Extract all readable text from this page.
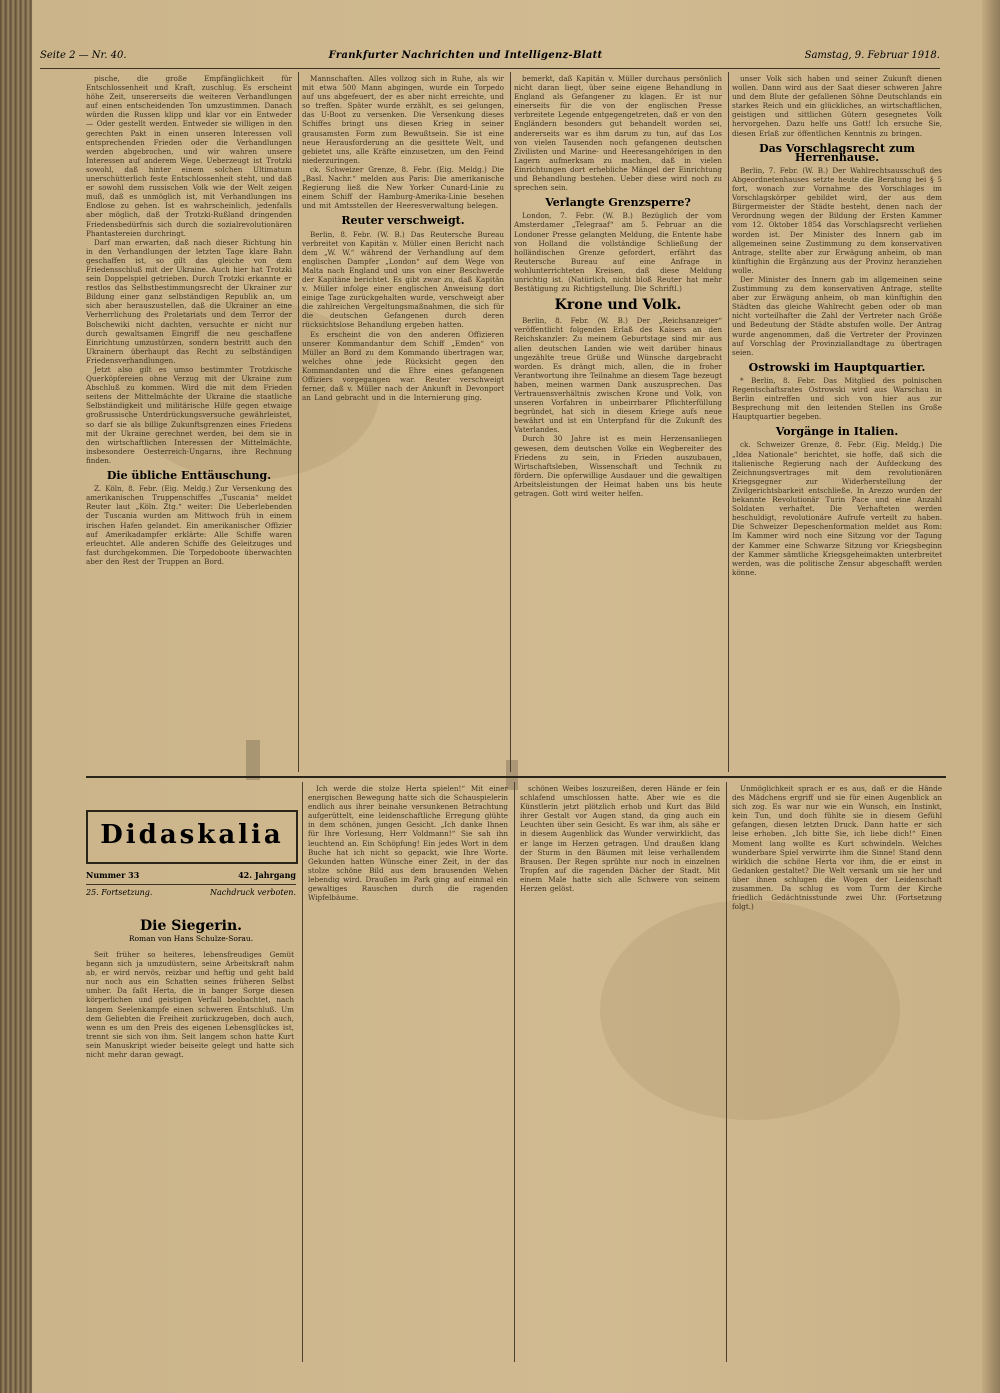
Seite 2 — Nr. 40.	Frankfurter Nachrichten und Intelligenz-Blatt	Samstag, 9. Februar 1918.

pische, die große Empfänglichkeit für Entschlossenheit und Kraft, zuschlug. Es erscheint höhe Zeit, unsererseits die weiteren Verhandlungen auf einen entscheidenden Ton umzustimmen. Danach würden die Russen klipp und klar vor ein Entweder — Oder gestellt werden. Entweder sie willigen in den gerechten Pakt in einen unseren Interessen voll entsprechenden Frieden oder die Verhandlungen werden abgebrochen, und wir wahren unsere Interessen auf anderem Wege. Ueberzeugt ist Trotzki sowohl, daß hinter einem solchen Ultimatum unerschütterlich feste Entschlossenheit steht, und daß er sowohl dem russischen Volk wie der Welt zeigen muß, daß es unmöglich ist, mit Verhandlungen ins Endlose zu gehen. Ist es wahrscheinlich, jedenfalls aber möglich, daß der Trotzki-Rußland dringenden Friedensbedürfnis sich durch die sozialrevolutionären Phantastereien durchringt.

Darf man erwarten, daß nach dieser Richtung hin in den Verhandlungen der letzten Tage klare Bahn geschaffen ist, so gilt das gleiche von dem Friedensschluß mit der Ukraine. Auch hier hat Trotzki sein Doppelspiel getrieben. Durch Trotzki erkannte er restlos das Selbstbestimmungsrecht der Ukrainer zur Bildung einer ganz selbständigen Republik an, um sich aber herauszustellen, daß die Ukrainer an eine Verherrlichung des Proletariats und dem Terror der Bolschewiki nicht dachten, versuchte er nicht nur durch gewaltsamen Eingriff die neu geschaffene Einrichtung umzustürzen, sondern bestritt auch den Ukrainern überhaupt das Recht zu selbständigen Friedensverhandlungen.

Jetzt also gilt es umso bestimmter Trotzkische Querköpfereien ohne Verzug mit der Ukraine zum Abschluß zu kommen. Wird die mit dem Frieden seitens der Mittelmächte der Ukraine die staatliche Selbständigkeit und militärische Hilfe gegen etwaige großrussische Unterdrückungsversuche gewährleistet, so darf sie als billige Zukunftsgrenzen eines Friedens mit der Ukraine gerechnet werden, bei dem sie in den wirtschaftlichen Interessen der Mittelmächte, insbesondere Oesterreich-Ungarns, ihre Rechnung finden.

Die übliche Enttäuschung.

Z. Köln, 8. Febr. (Eig. Meldg.) Zur Versenkung des amerikanischen Truppenschiffes „Tuscania“ meldet Reuter laut „Köln. Ztg.“ weiter: Die Ueberlebenden der Tuscania wurden am Mittwoch früh in einem irischen Hafen gelandet. Ein amerikanischer Offizier auf Amerikadampfer erklärte: Alle Schiffe waren erleuchtet. Alle anderen Schiffe des Geleitzuges und fast durchgekommen. Die Torpedoboote überwachten aber den Rest der Truppen an Bord.

Mannschaften. Alles vollzog sich in Ruhe, als wir mit etwa 500 Mann abgingen, wurde ein Torpedo auf uns abgefeuert, der es aber nicht erreichte, und so treffen. Später wurde erzählt, es sei gelungen, das U-Boot zu versenken. Die Versenkung dieses Schiffes bringt uns diesen Krieg in seiner grausamsten Form zum Bewußtsein. Sie ist eine neue Herausforderung an die gesittete Welt, und gebietet uns, alle Kräfte einzusetzen, um den Feind niederzuringen.

ck. Schweizer Grenze, 8. Febr. (Eig. Meldg.) Die „Basl. Nachr.“ melden aus Paris: Die amerikanische Regierung ließ die New Yorker Cunard-Linie zu einem Schiff der Hamburg-Amerika-Linie besehen und mit Amtsstellen der Heeresverwaltung belegen.

Reuter verschweigt.

Berlin, 8. Febr. (W. B.) Das Reutersche Bureau verbreitet von Kapitän v. Müller einen Bericht nach dem „W. W.“ während der Verhandlung auf dem englischen Dampfer „London“ auf dem Wege von Malta nach England und uns von einer Beschwerde der Kapitäne berichtet. Es gibt zwar zu, daß Kapitän v. Müller infolge einer englischen Anweisung dort einige Tage zurückgehalten wurde, verschweigt aber die zahlreichen Vergeltungsmaßnahmen, die sich für die deutschen Gefangenen durch deren rücksichtslose Behandlung ergeben hatten.

Es erscheint die von den anderen Offizieren unserer Kommandantur dem Schiff „Emden“ von Müller an Bord zu dem Kommando übertragen war, welches ohne jede Rücksicht gegen den Kommandanten und die Ehre eines gefangenen Offiziers vorgegangen war. Reuter verschweigt ferner, daß v. Müller nach der Ankunft in Devonport an Land gebracht und in die Internierung ging.

bemerkt, daß Kapitän v. Müller durchaus persönlich nicht daran liegt, über seine eigene Behandlung in England als Gefangener zu klagen. Er ist nur einerseits für die von der englischen Presse verbreitete Legende entgegengetreten, daß er von den Engländern besonders gut behandelt worden sei, andererseits war es ihm darum zu tun, auf das Los von vielen Tausenden noch gefangenen deutschen Zivilisten und Marine- und Heeresangehörigen in den Lagern aufmerksam zu machen, daß in vielen Einrichtungen dort erhebliche Mängel der Einrichtung und Behandlung bestehen. Ueber diese wird noch zu sprechen sein.

Verlangte Grenzsperre?

London, 7. Febr. (W. B.) Bezüglich der vom Amsterdamer „Telegraaf“ am 5. Februar an die Londoner Presse gelangten Meldung, die Entente habe von Holland die vollständige Schließung der holländischen Grenze gefordert, erfährt das Reutersche Bureau auf eine Anfrage in wohlunterrichteten Kreisen, daß diese Meldung unrichtig ist. (Natürlich, nicht bloß Reuter hat mehr Bestätigung zu Richtigstellung. Die Schriftl.)

Krone und Volk.

Berlin, 8. Febr. (W. B.) Der „Reichsanzeiger“ veröffentlicht folgenden Erlaß des Kaisers an den Reichskanzler: Zu meinem Geburtstage sind mir aus allen deutschen Landen wie weit darüber hinaus ungezählte treue Grüße und Wünsche dargebracht worden. Es drängt mich, allen, die in froher Verantwortung ihre Teilnahme an diesem Tage bezeugt haben, meinen warmen Dank auszusprechen. Das Vertrauensverhältnis zwischen Krone und Volk, von unseren Vorfahren in unbeirrbarer Pflichterfüllung begründet, hat sich in diesem Kriege aufs neue bewährt und ist ein Unterpfand für die Zukunft des Vaterlandes.

Durch 30 Jahre ist es mein Herzensanliegen gewesen, dem deutschen Volke ein Wegbereiter des Friedens zu sein, in Frieden auszubauen, Wirtschaftsleben, Wissenschaft und Technik zu fördern. Die opferwillige Ausdauer und die gewaltigen Arbeitsleistungen der Heimat haben uns bis heute getragen. Gott wird weiter helfen.

unser Volk sich haben und seiner Zukunft dienen wollen. Dann wird aus der Saat dieser schweren Jahre und dem Blute der gefallenen Söhne Deutschlands ein starkes Reich und ein glückliches, an wirtschaftlichen, geistigen und sittlichen Gütern gesegnetes Volk hervorgehen. Dazu helfe uns Gott! Ich ersuche Sie, diesen Erlaß zur öffentlichen Kenntnis zu bringen.

Das Vorschlagsrecht zum Herrenhause.

Berlin, 7. Febr. (W. B.) Der Wahlrechtsausschuß des Abgeordnetenhauses setzte heute die Beratung bei § 5 fort, wonach zur Vornahme des Vorschlages im Vorschlagskörper gebildet wird, der aus dem Bürgermeister der Städte besteht, denen nach der Verordnung wegen der Bildung der Ersten Kammer vom 12. Oktober 1854 das Vorschlagsrecht verliehen worden ist. Der Minister des Innern gab im allgemeinen seine Zustimmung zu dem konservativen Antrage, stellte aber zur Erwägung anheim, ob man künftighin die Ergänzung aus der Provinz heranziehen wolle.

Der Minister des Innern gab im allgemeinen seine Zustimmung zu dem konservativen Antrage, stellte aber zur Erwägung anheim, ob man künftighin den Städten das gleiche Wahlrecht geben oder ob man nicht vorteilhafter die Zahl der Vertreter nach Größe und Bedeutung der Städte abstufen wolle. Der Antrag wurde angenommen, daß die Vertreter der Provinzen auf Vorschlag der Provinziallandtage zu übertragen seien.

Ostrowski im Hauptquartier.

* Berlin, 8. Febr. Das Mitglied des polnischen Regentschaftsrates Ostrowski wird aus Warschau in Berlin eintreffen und sich von hier aus zur Besprechung mit den leitenden Stellen ins Große Hauptquartier begeben.

Vorgänge in Italien.

ck. Schweizer Grenze, 8. Febr. (Eig. Meldg.) Die „Idea Nationale“ berichtet, sie hoffe, daß sich die italienische Regierung nach der Aufdeckung des Zeichnungsvertrages mit dem revolutionären Kriegsgegner zur Widerherstellung der Zivilgerichtsbarkeit entschließe. In Arezzo wurden der bekannte Revolutionär Turin Pace und eine Anzahl Soldaten verhaftet. Die Verhafteten werden beschuldigt, revolutionäre Aufrufe verteilt zu haben. Die Schweizer Depeschenformation meldet aus Rom: Im Kammer wird noch eine Sitzung vor der Tagung der Kammer eine Schwarze Sitzung vor Kriegsbeginn der Kammer sämtliche Kriegsgeheimakten unterbreitet werden, was die politische Zensur abgeschafft werden könne.

Didaskalia
Nummer 33	42. Jahrgang
25. Fortsetzung.	Nachdruck verboten.
Die Siegerin.
Roman von Hans Schulze-Sorau.

Seit früher so heiteres, lebensfreudiges Gemüt begann sich ja umzudüstern, seine Arbeitskraft nahm ab, er wird nervös, reizbar und heftig und geht bald nur noch aus ein Schatten seines früheren Selbst umher. Da faßt Herta, die in banger Sorge diesen körperlichen und geistigen Verfall beobachtet, nach langem Seelenkampfe einen schweren Entschluß. Um dem Geliebten die Freiheit zurückzugeben, doch auch, wenn es um den Preis des eigenen Lebensglückes ist, trennt sie sich von ihm. Seit langem schon hatte Kurt sein Manuskript wieder beiseite gelegt und hatte sich nicht mehr daran gewagt.

Ich werde die stolze Herta spielen!“ Mit einer energischen Bewegung hatte sich die Schauspielerin endlich aus ihrer beinahe versunkenen Betrachtung aufgerüttelt, eine leidenschaftliche Erregung glühte in dem schönen, jungen Gesicht. „Ich danke Ihnen für Ihre Vorlesung, Herr Voldmann!“ Sie sah ihn leuchtend an. Ein Schöpfung! Ein jedes Wort in dem Buche hat ich nicht so gepackt, wie Ihre Worte. Gekunden hatten Wünsche einer Zeit, in der das stolze schöne Bild aus dem brausenden Wehen lebendig wird. Draußen im Park ging auf einmal ein gewaltiges Rauschen durch die ragenden Wipfelbäume.

schönen Weibes loszureißen, deren Hände er fein schlafend umschlossen hatte. Aber wie es die Künstlerin jetzt plötzlich erhob und Kurt das Bild ihrer Gestalt vor Augen stand, da ging auch ein Leuchten über sein Gesicht. Es war ihm, als sähe er in diesem Augenblick das Wunder verwirklicht, das er lange im Herzen getragen. Und draußen klang der Sturm in den Bäumen mit leise verhallendem Brausen. Der Regen sprühte nur noch in einzelnen Tropfen auf die ragenden Dächer der Stadt. Mit einem Male hatte sich alle Schwere von seinem Herzen gelöst.

Unmöglichkeit sprach er es aus, daß er die Hände des Mädchens ergriff und sie für einen Augenblick an sich zog. Es war nur wie ein Wunsch, ein Instinkt, kein Tun, und doch fühlte sie in diesem Gefühl gefangen, diesen letzten Druck. Dann hatte er sich leise erhoben. „Ich bitte Sie, ich liebe dich!“ Einen Moment lang wollte es Kurt schwindeln. Welches wunderbare Spiel verwirrte ihm die Sinne! Stand denn wirklich die schöne Herta vor ihm, die er einst in Gedanken gestaltet? Die Welt versank um sie her und über ihnen schlugen die Wogen der Leidenschaft zusammen. Da schlug es vom Turm der Kirche friedlich Gedächtnisstunde zwei Uhr. (Fortsetzung folgt.)
